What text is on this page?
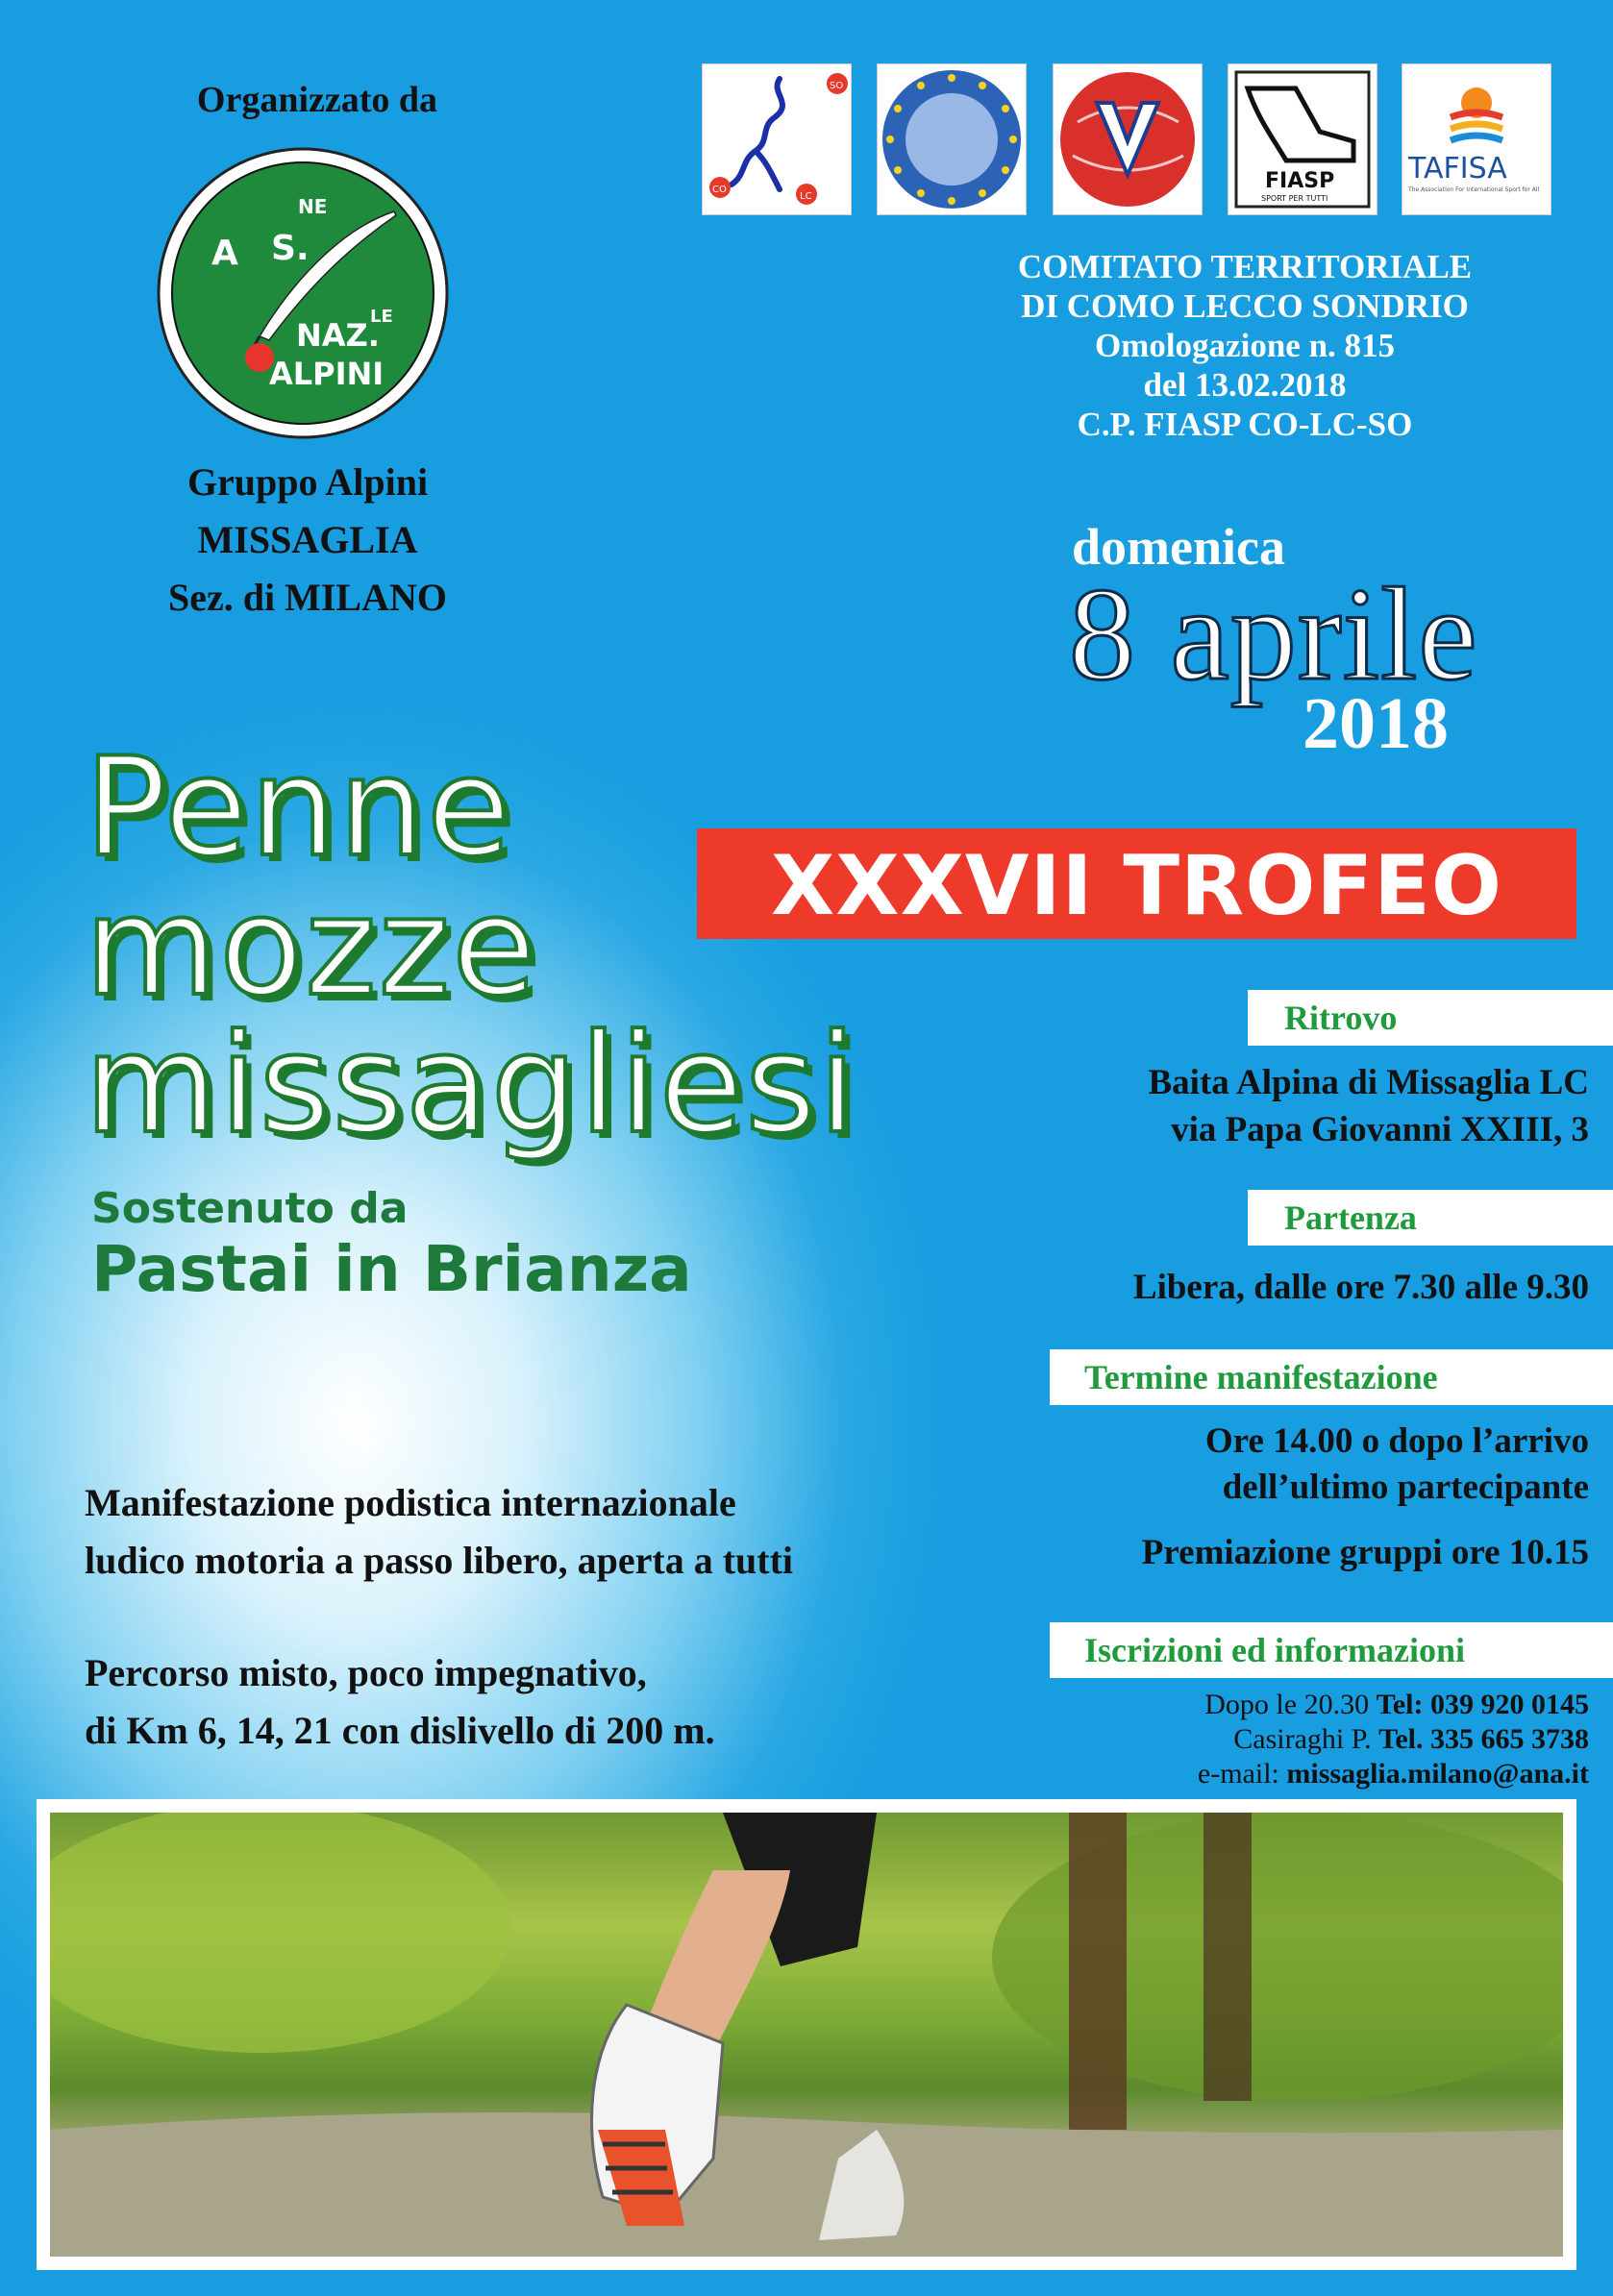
Organizzato da
A
NE
S.
LE
NAZ.
ALPINI
Gruppo Alpini
MISSAGLIA
Sez. di MILANO
SO
CO
LC
FIASP
SPORT PER TUTTI
TAFISA
The Association For International Sport for All
COMITATO TERRITORIALE
DI COMO LECCO SONDRIO
Omologazione n. 815
del 13.02.2018
C.P. FIASP CO-LC-SO
domenica
8 aprile
2018
Penne
mozze
missagliesi
XXXVII TROFEO
Sostenuto da
Pastai in Brianza
Ritrovo
Baita Alpina di Missaglia LC
via Papa Giovanni XXIII, 3
Partenza
Libera, dalle ore 7.30 alle 9.30
Termine manifestazione
Ore 14.00 o dopo l’arrivo
dell’ultimo partecipante
Premiazione gruppi ore 10.15
Iscrizioni ed informazioni
Dopo le 20.30 Tel: 039 920 0145
Casiraghi P. Tel. 335 665 3738
e-mail: missaglia.milano@ana.it
Manifestazione podistica internazionale
ludico motoria a passo libero, aperta a tutti
Percorso misto, poco impegnativo,
di Km 6, 14, 21 con dislivello di 200 m.
